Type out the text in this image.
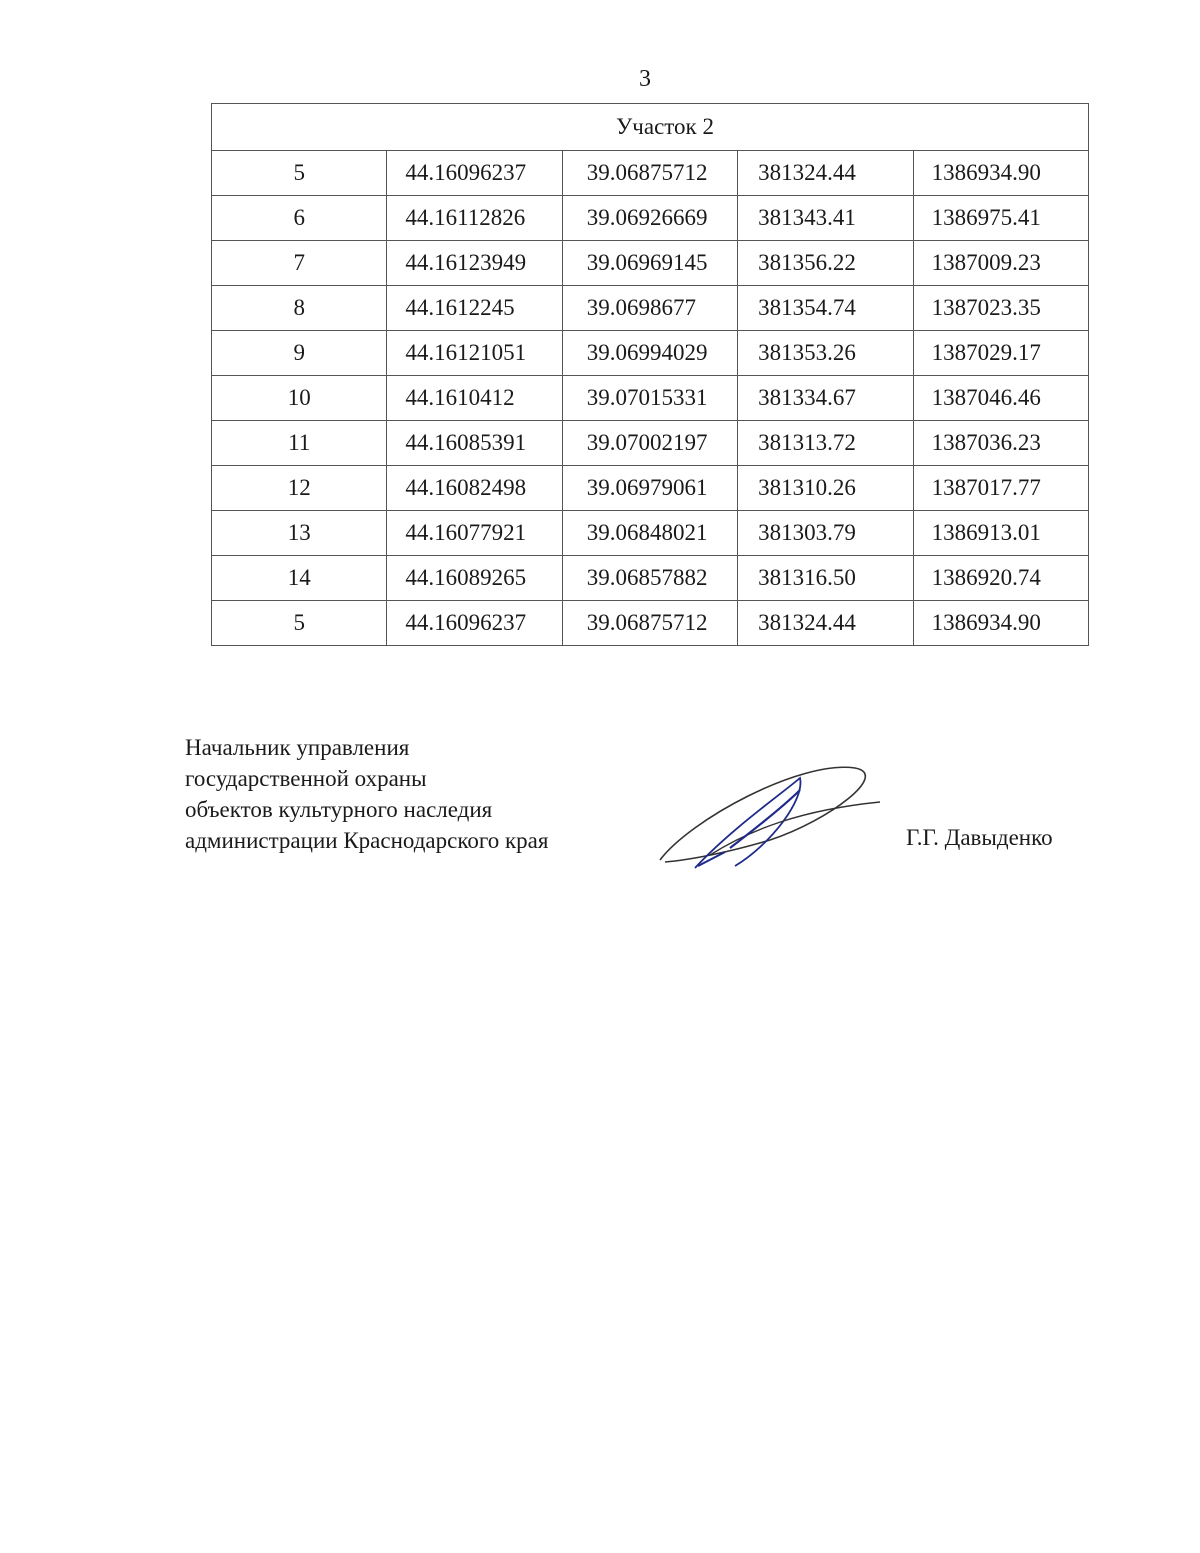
3
Участок 2				
5	44.16096237	39.06875712	381324.44	1386934.90
6	44.16112826	39.06926669	381343.41	1386975.41
7	44.16123949	39.06969145	381356.22	1387009.23
8	44.1612245	39.0698677	381354.74	1387023.35
9	44.16121051	39.06994029	381353.26	1387029.17
10	44.1610412	39.07015331	381334.67	1387046.46
11	44.16085391	39.07002197	381313.72	1387036.23
12	44.16082498	39.06979061	381310.26	1387017.77
13	44.16077921	39.06848021	381303.79	1386913.01
14	44.16089265	39.06857882	381316.50	1386920.74
5	44.16096237	39.06875712	381324.44	1386934.90
Начальник управления
государственной охраны
объектов культурного наследия
администрации Краснодарского края	Г.Г. Давыденко
